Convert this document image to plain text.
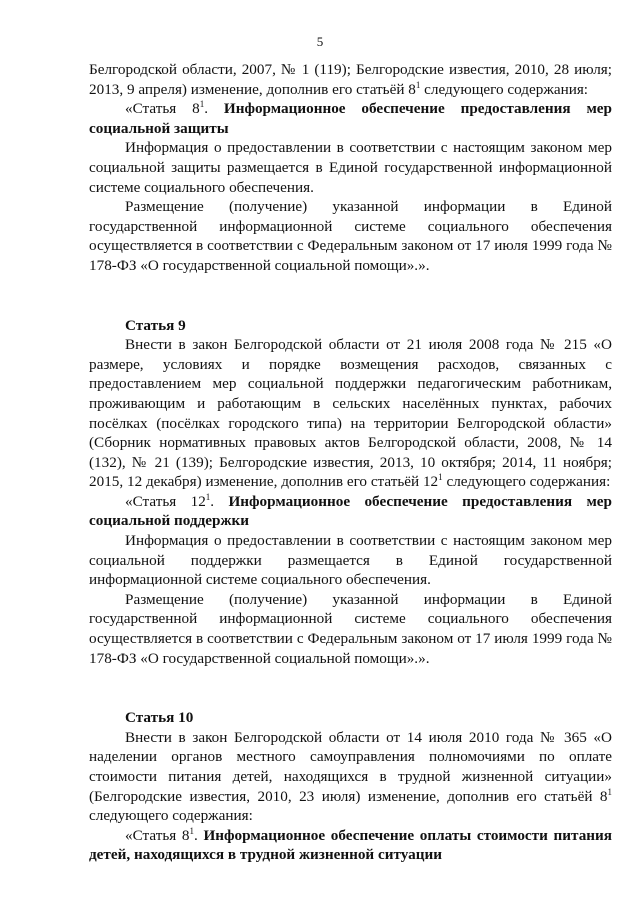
5

Белгородской области, 2007, № 1 (119); Белгородские известия, 2010, 28 июля; 2013, 9 апреля) изменение, дополнив его статьёй $8^1$ следующего содержания:

«Статья $8^1$. Информационное обеспечение предоставления мер социальной защиты

Информация о предоставлении в соответствии с настоящим законом мер социальной защиты размещается в Единой государственной информационной системе социального обеспечения.

Размещение (получение) указанной информации в Единой государственной информационной системе социального обеспечения осуществляется в соответствии с Федеральным законом от 17 июля 1999 года № 178-ФЗ «О государственной социальной помощи».».

Статья 9

Внести в закон Белгородской области от 21 июля 2008 года № 215 «О размере, условиях и порядке возмещения расходов, связанных с предоставлением мер социальной поддержки педагогическим работникам, проживающим и работающим в сельских населённых пунктах, рабочих посёлках (посёлках городского типа) на территории Белгородской области» (Сборник нормативных правовых актов Белгородской области, 2008, № 14 (132), № 21 (139); Белгородские известия, 2013, 10 октября; 2014, 11 ноября; 2015, 12 декабря) изменение, дополнив его статьёй $12^1$ следующего содержания:

«Статья $12^1$. Информационное обеспечение предоставления мер социальной поддержки

Информация о предоставлении в соответствии с настоящим законом мер социальной поддержки размещается в Единой государственной информационной системе социального обеспечения.

Размещение (получение) указанной информации в Единой государственной информационной системе социального обеспечения осуществляется в соответствии с Федеральным законом от 17 июля 1999 года № 178-ФЗ «О государственной социальной помощи».».

Статья 10

Внести в закон Белгородской области от 14 июля 2010 года № 365 «О наделении органов местного самоуправления полномочиями по оплате стоимости питания детей, находящихся в трудной жизненной ситуации» (Белгородские известия, 2010, 23 июля) изменение, дополнив его статьёй $8^1$ следующего содержания:

«Статья $8^1$. Информационное обеспечение оплаты стоимости питания детей, находящихся в трудной жизненной ситуации
